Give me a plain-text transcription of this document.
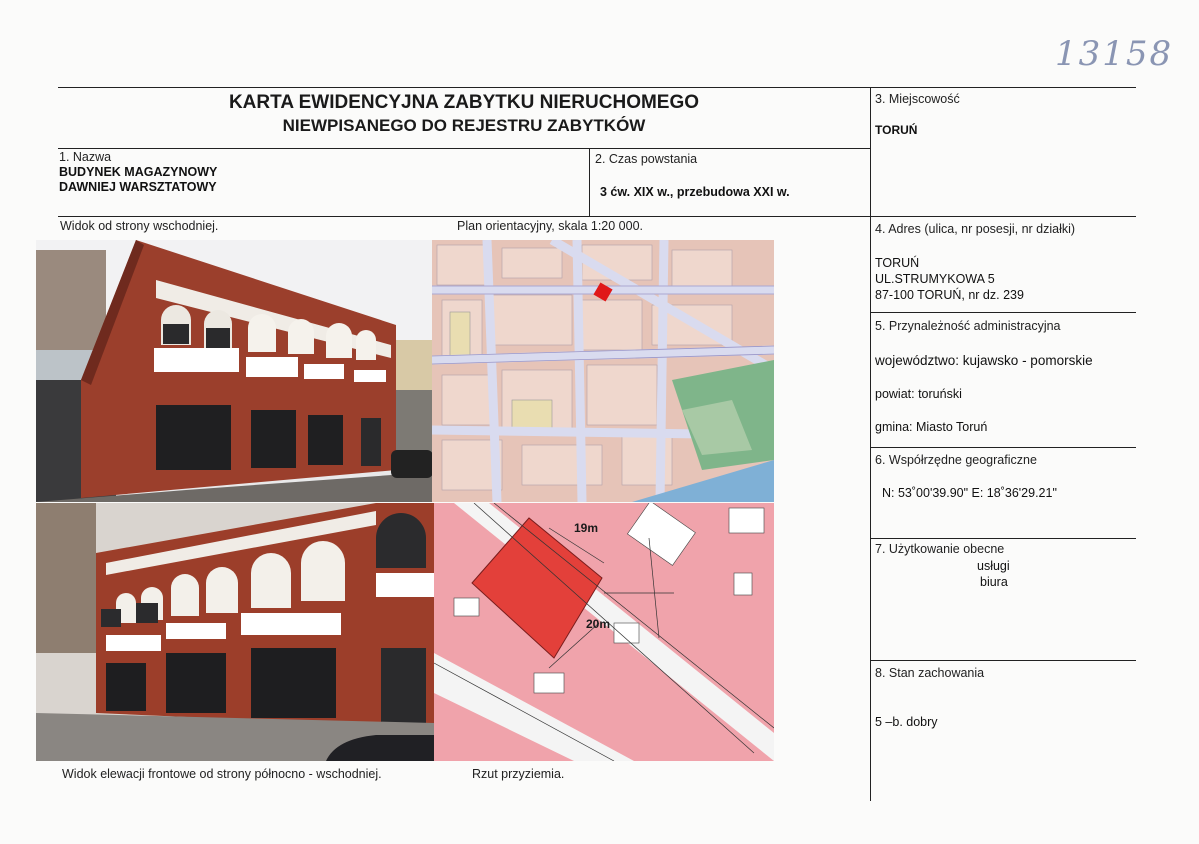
13158
KARTA EWIDENCYJNA ZABYTKU NIERUCHOMEGO
NIEWPISANEGO DO REJESTRU ZABYTKÓW
1. Nazwa
BUDYNEK MAGAZYNOWY
DAWNIEJ WARSZTATOWY
2. Czas powstania
3 ćw. XIX w., przebudowa XXI w.
3. Miejscowość
TORUŃ
4. Adres (ulica, nr posesji, nr działki)
TORUŃ
UL.STRUMYKOWA 5
87-100 TORUŃ, nr dz. 239
5. Przynależność administracyjna
województwo: kujawsko - pomorskie
powiat: toruński
gmina: Miasto Toruń
6. Współrzędne geograficzne
N: 53˚00'39.90" E: 18˚36'29.21"
7. Użytkowanie obecne
usługi
biura
8. Stan zachowania
5 –b. dobry
Widok od strony wschodniej.	Plan orientacyjny, skala 1:20 000.
Widok elewacji frontowe od strony północno - wschodniej.	Rzut przyziemia.
19m
20m
